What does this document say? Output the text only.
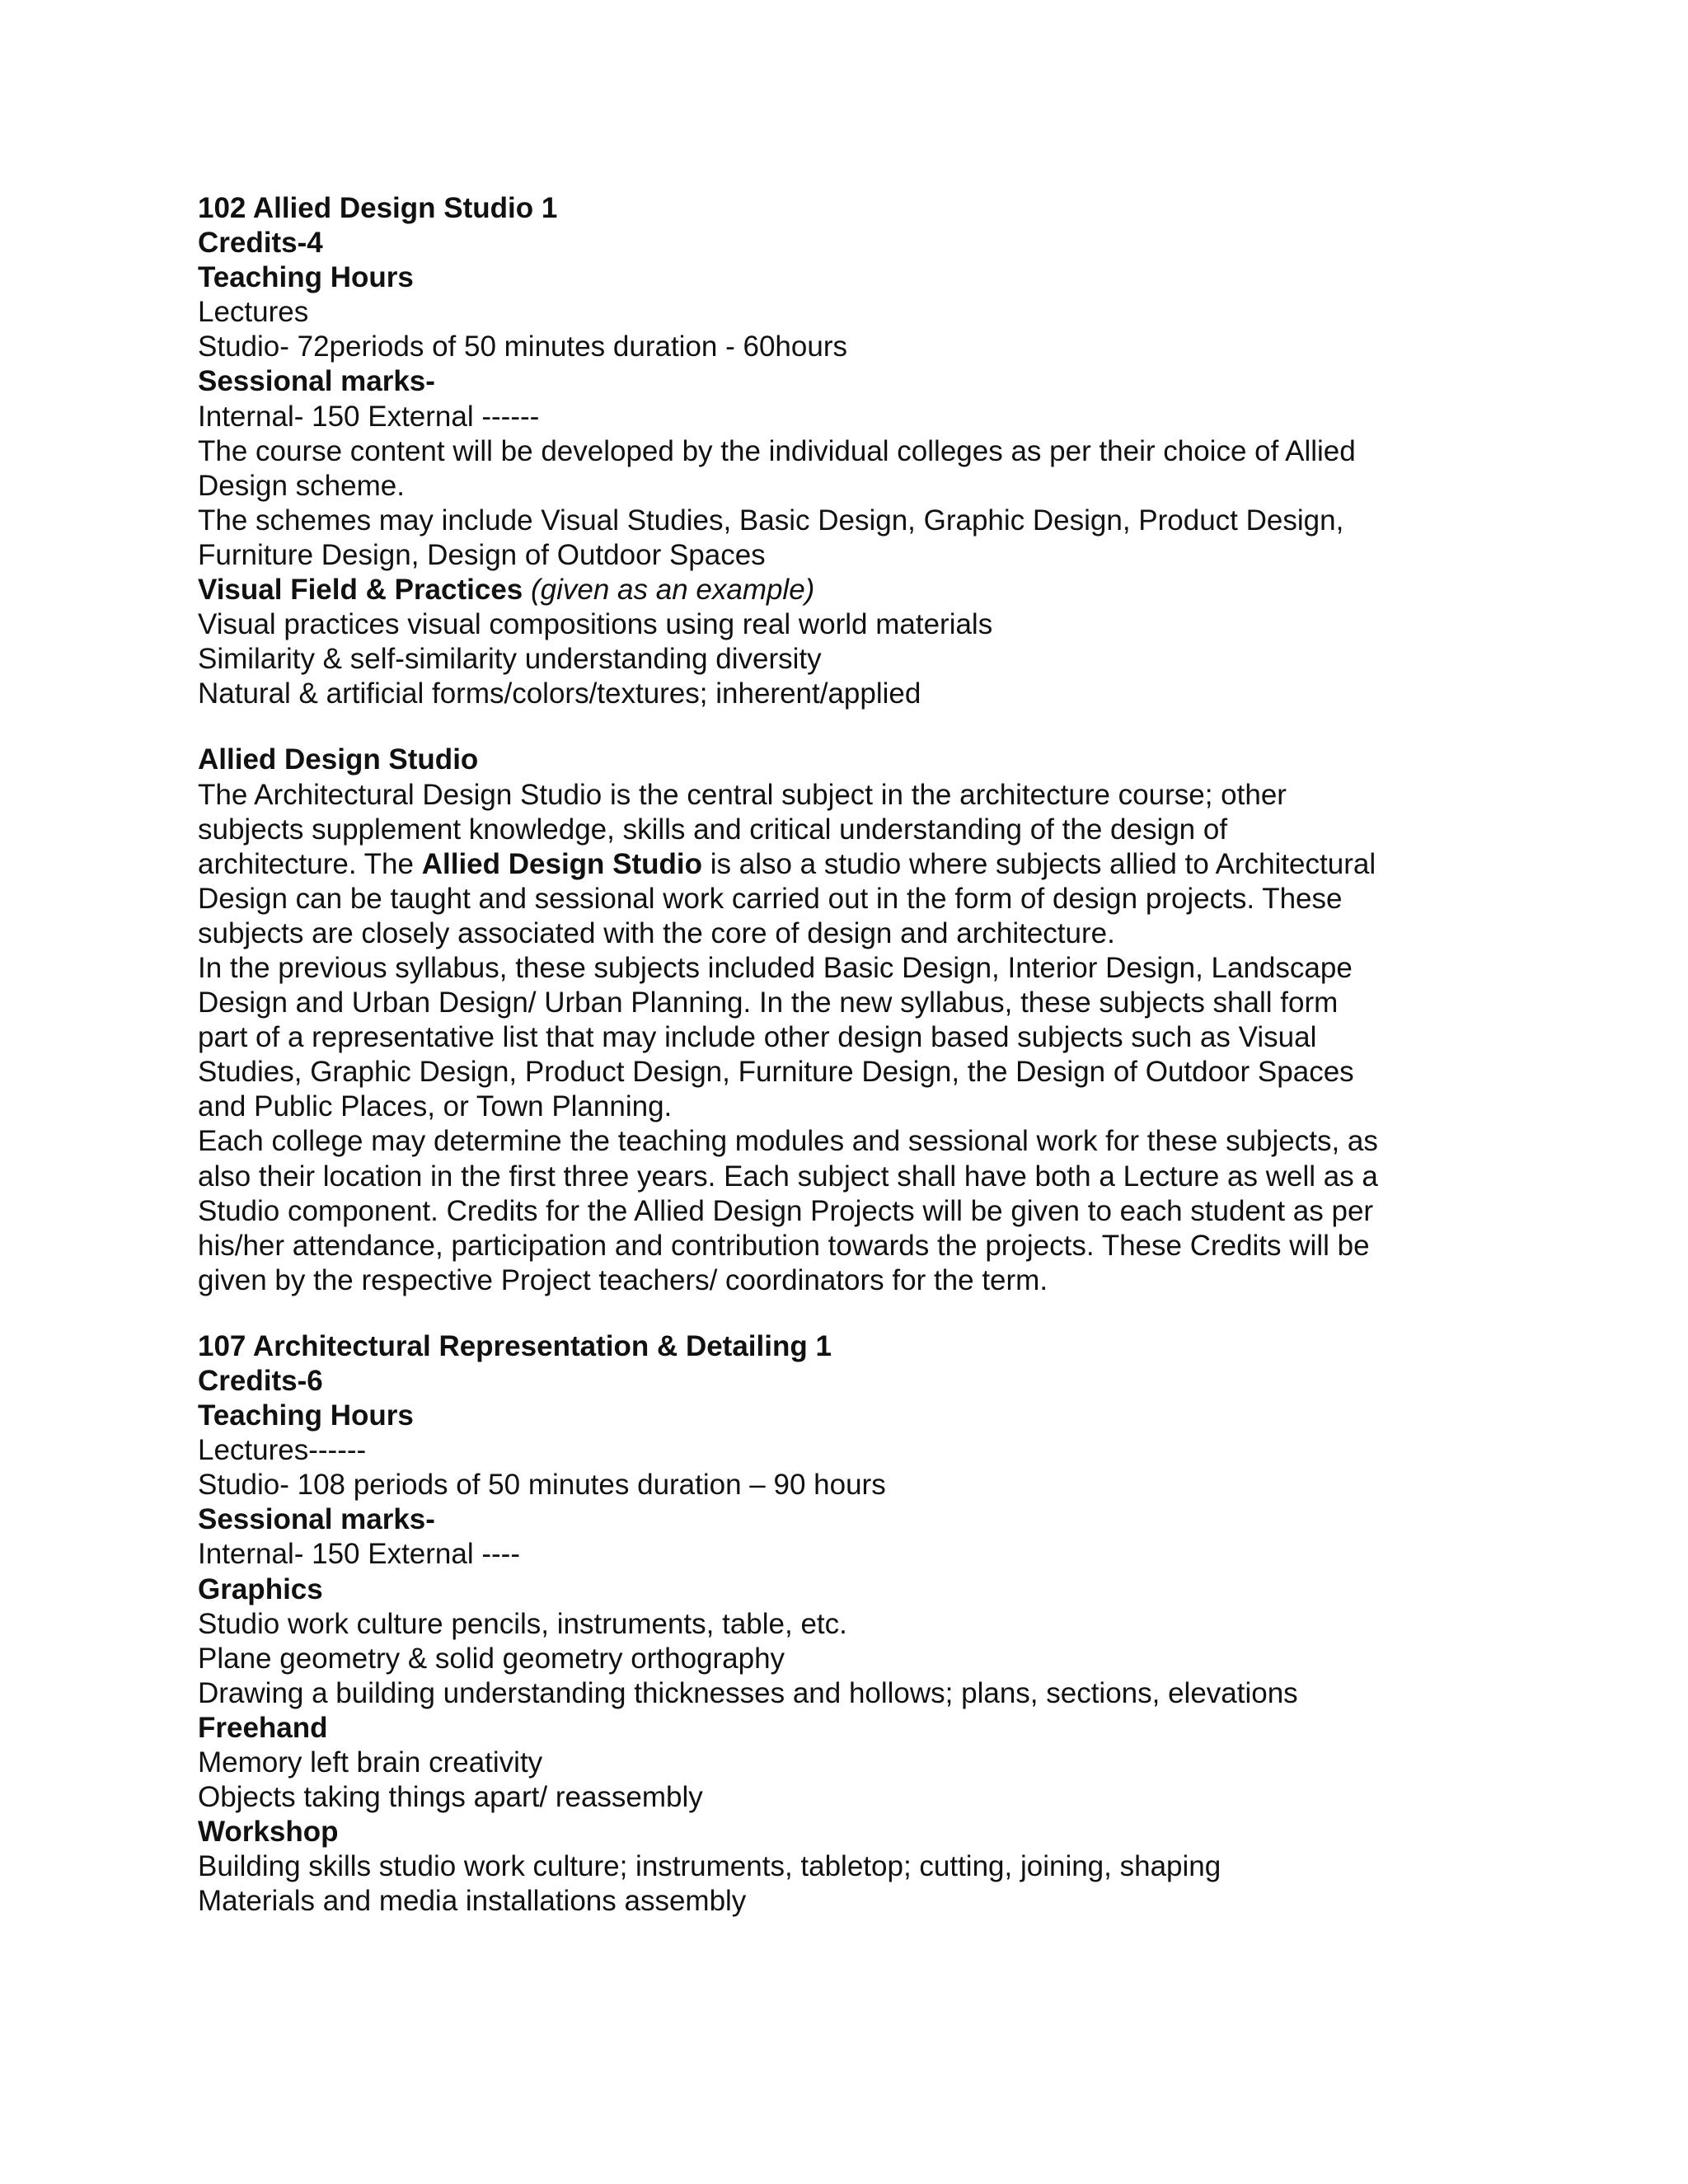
102 Allied Design Studio 1
Credits-4
Teaching Hours
Lectures
Studio- 72periods of 50 minutes duration - 60hours
Sessional marks-
Internal- 150 External ------
The course content will be developed by the individual colleges as per their choice of Allied
Design scheme.
The schemes may include Visual Studies, Basic Design, Graphic Design, Product Design,
Furniture Design, Design of Outdoor Spaces
Visual Field & Practices (given as an example)
Visual practices visual compositions using real world materials
Similarity & self-similarity understanding diversity
Natural & artificial forms/colors/textures; inherent/applied
Allied Design Studio
The Architectural Design Studio is the central subject in the architecture course; other
subjects supplement knowledge, skills and critical understanding of the design of
architecture. The Allied Design Studio is also a studio where subjects allied to Architectural
Design can be taught and sessional work carried out in the form of design projects. These
subjects are closely associated with the core of design and architecture.
In the previous syllabus, these subjects included Basic Design, Interior Design, Landscape
Design and Urban Design/ Urban Planning. In the new syllabus, these subjects shall form
part of a representative list that may include other design based subjects such as Visual
Studies, Graphic Design, Product Design, Furniture Design, the Design of Outdoor Spaces
and Public Places, or Town Planning.
Each college may determine the teaching modules and sessional work for these subjects, as
also their location in the first three years. Each subject shall have both a Lecture as well as a
Studio component. Credits for the Allied Design Projects will be given to each student as per
his/her attendance, participation and contribution towards the projects. These Credits will be
given by the respective Project teachers/ coordinators for the term.
107 Architectural Representation & Detailing 1
Credits-6
Teaching Hours
Lectures------
Studio- 108 periods of 50 minutes duration – 90 hours
Sessional marks-
Internal- 150 External ----
Graphics
Studio work culture pencils, instruments, table, etc.
Plane geometry & solid geometry orthography
Drawing a building understanding thicknesses and hollows; plans, sections, elevations
Freehand
Memory left brain creativity
Objects taking things apart/ reassembly
Workshop
Building skills studio work culture; instruments, tabletop; cutting, joining, shaping
Materials and media installations assembly
